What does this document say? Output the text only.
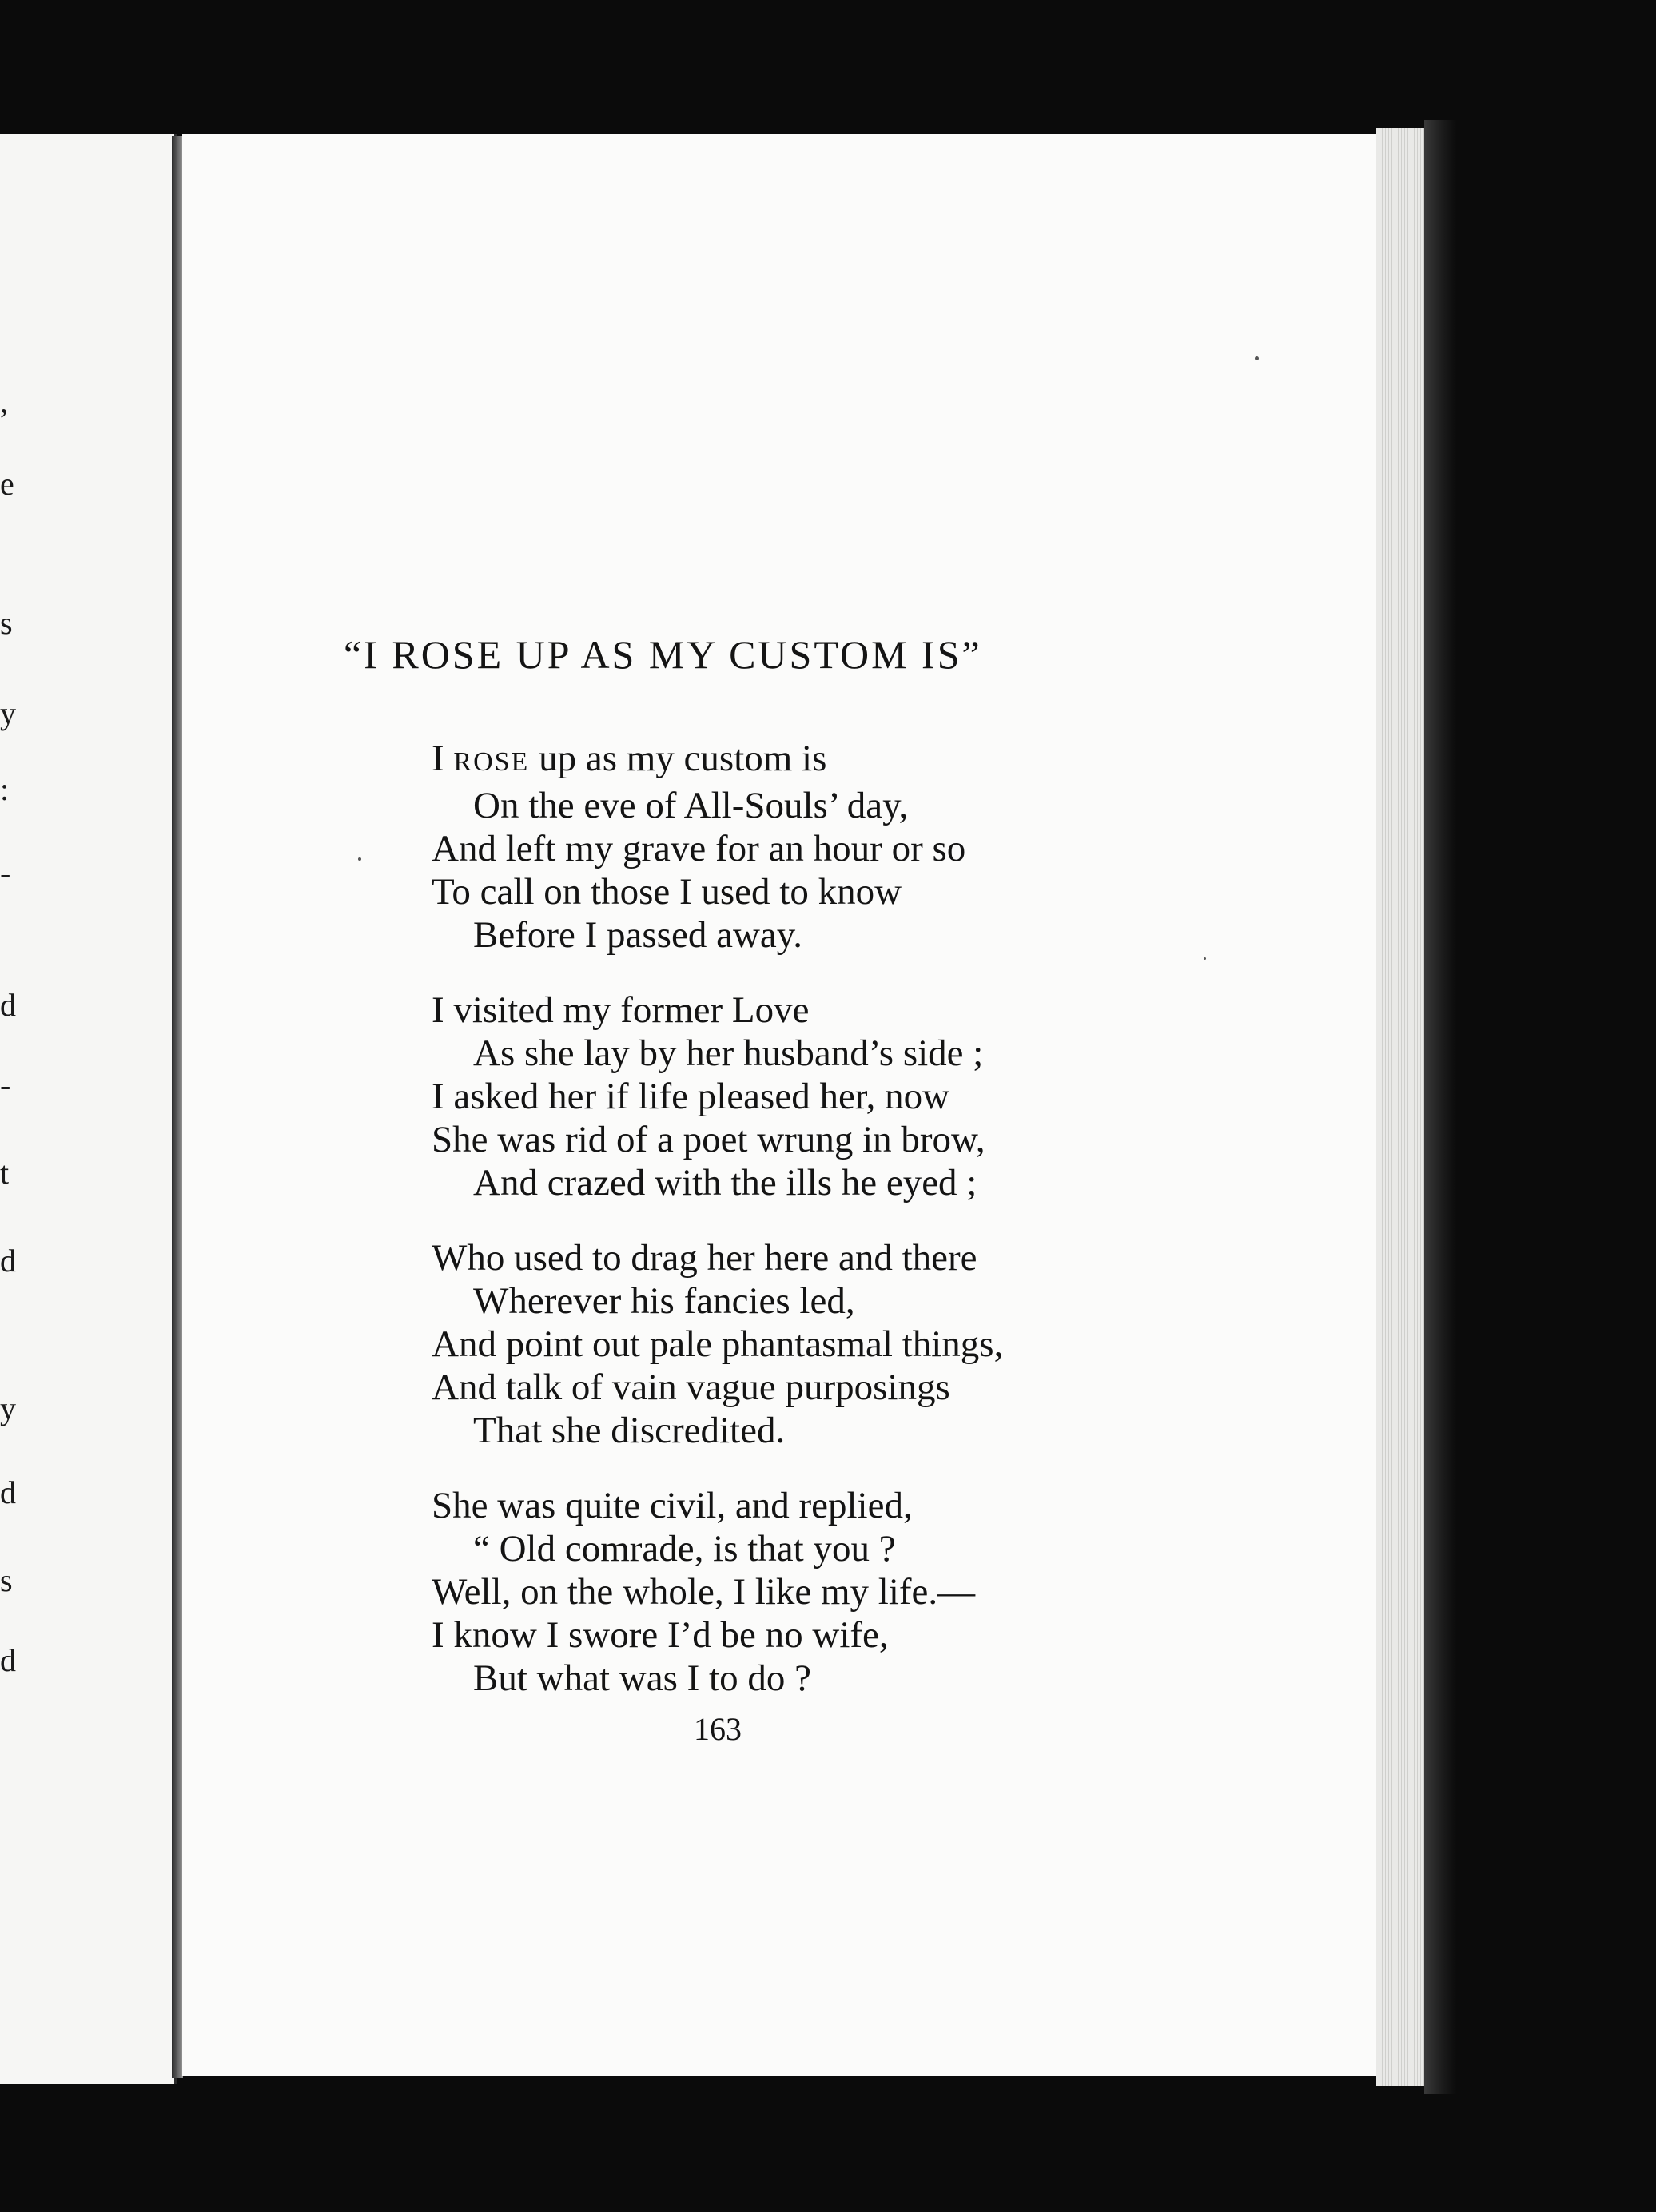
,
e
s
y
:
-
d
-
t
d
y
d
s
d
“I ROSE UP AS MY CUSTOM IS”
I ROSE up as my custom is
On the eve of All-Souls’ day,
And left my grave for an hour or so
To call on those I used to know
Before I passed away.
I visited my former Love
As she lay by her husband’s side ;
I asked her if life pleased her, now
She was rid of a poet wrung in brow,
And crazed with the ills he eyed ;
Who used to drag her here and there
Wherever his fancies led,
And point out pale phantasmal things,
And talk of vain vague purposings
That she discredited.
She was quite civil, and replied,
“ Old comrade, is that you ?
Well, on the whole, I like my life.—
I know I swore I’d be no wife,
But what was I to do ?
163
